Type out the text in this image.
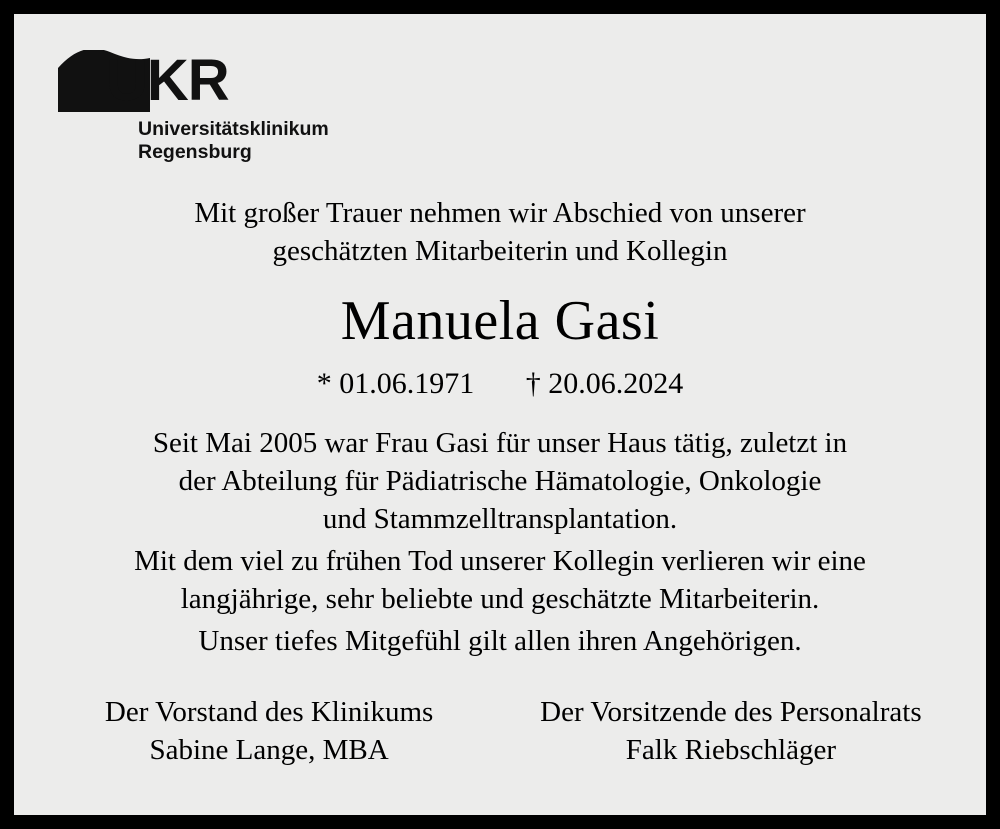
UKR
Universitätsklinikum
Regensburg
Mit großer Trauer nehmen wir Abschied von unserer
geschätzten Mitarbeiterin und Kollegin
Manuela Gasi
* 01.06.1971 † 20.06.2024

Seit Mai 2005 war Frau Gasi für unser Haus tätig, zuletzt in
der Abteilung für Pädiatrische Hämatologie, Onkologie
und Stammzelltransplantation.

Mit dem viel zu frühen Tod unserer Kollegin verlieren wir eine
langjährige, sehr beliebte und geschätzte Mitarbeiterin.

Unser tiefes Mitgefühl gilt allen ihren Angehörigen.

Der Vorstand des Klinikums
Sabine Lange, MBA
Der Vorsitzende des Personalrats
Falk Riebschläger
